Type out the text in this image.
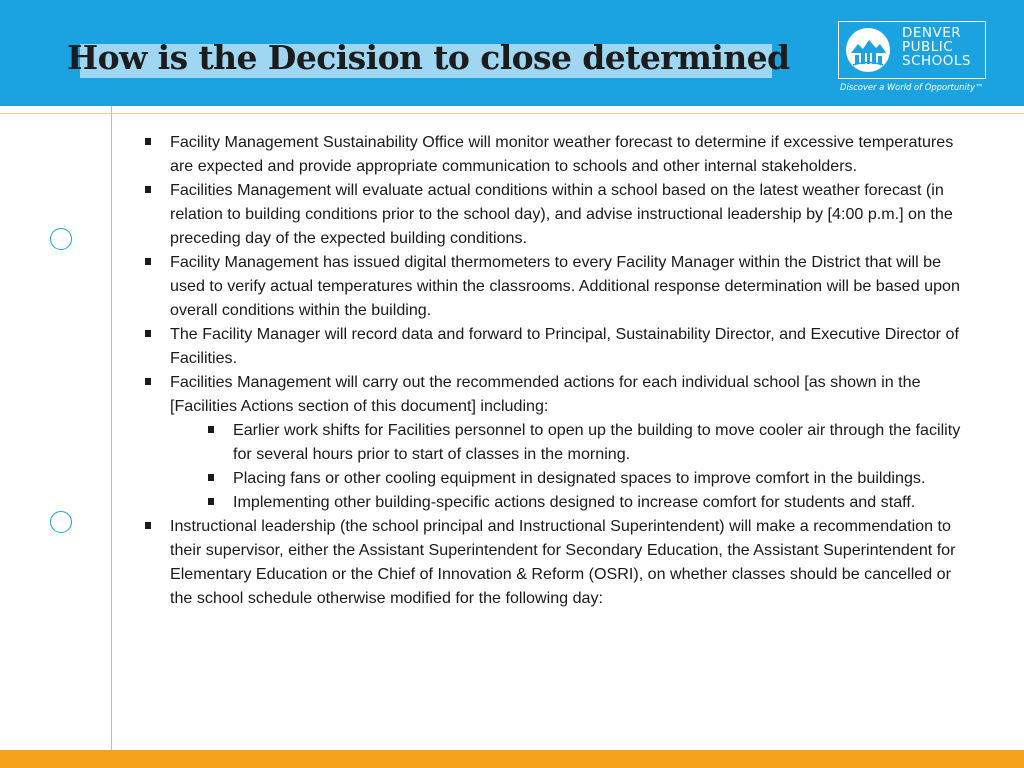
How is the Decision to close determined
DENVER
PUBLIC
SCHOOLS
Discover a World of Opportunity™
Facility Management Sustainability Office will monitor weather forecast to determine if excessive temperatures are expected and provide appropriate communication to schools and other internal stakeholders.
Facilities Management will evaluate actual conditions within a school based on the latest weather forecast (in relation to building conditions prior to the school day), and advise instructional leadership by [4:00 p.m.] on the preceding day of the expected building conditions.
Facility Management has issued digital thermometers to every Facility Manager within the District that will be used to verify actual temperatures within the classrooms. Additional response determination will be based upon overall conditions within the building.
The Facility Manager will record data and forward to Principal, Sustainability Director, and Executive Director of Facilities.
Facilities Management will carry out the recommended actions for each individual school [as shown in the [Facilities Actions section of this document] including:
Earlier work shifts for Facilities personnel to open up the building to move cooler air through the facility for several hours prior to start of classes in the morning.
Placing fans or other cooling equipment in designated spaces to improve comfort in the buildings.
Implementing other building-specific actions designed to increase comfort for students and staff.
Instructional leadership (the school principal and Instructional Superintendent) will make a recommendation to their supervisor, either the Assistant Superintendent for Secondary Education, the Assistant Superintendent for Elementary Education or the Chief of Innovation & Reform (OSRI), on whether classes should be cancelled or the school schedule otherwise modified for the following day:
